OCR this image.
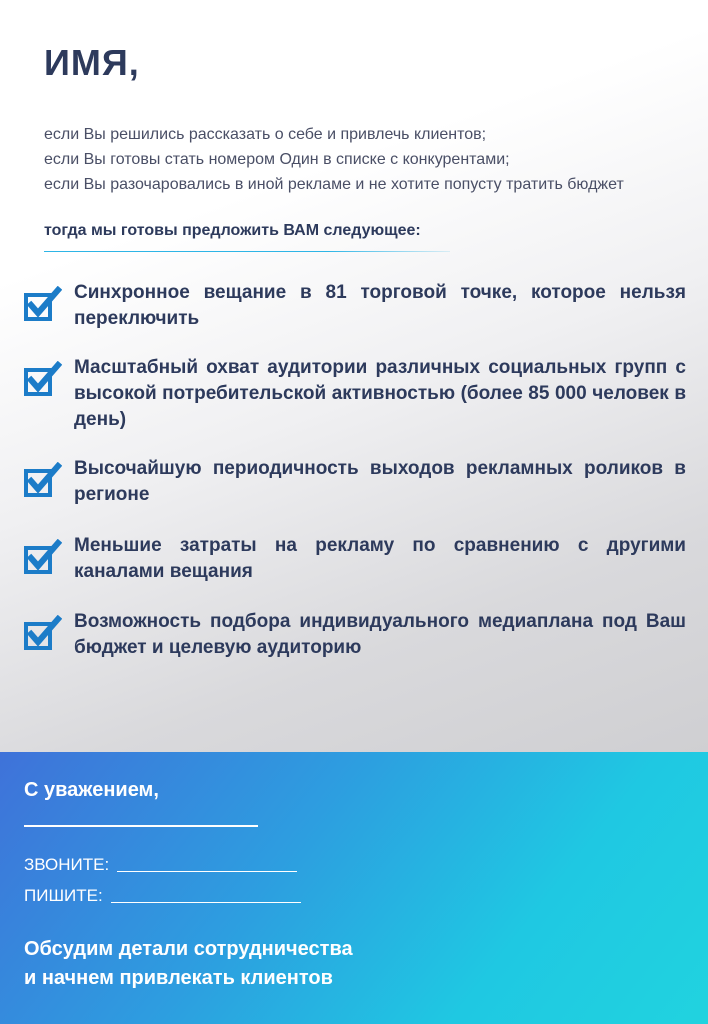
ИМЯ,
если Вы решились рассказать о себе и привлечь клиентов;
если Вы готовы стать номером Один в списке с конкурентами;
если Вы разочаровались в иной рекламе и не хотите попусту тратить бюджет
тогда мы готовы предложить ВАМ следующее:
Синхронное вещание в 81 торговой точке, которое нельзя переключить
Масштабный охват аудитории различных социальных групп с высокой потребительской активностью (более 85 000 человек в день)
Высочайшую периодичность выходов рекламных роликов в регионе
Меньшие затраты на рекламу по сравнению с другими каналами вещания
Возможность подбора индивидуального медиаплана под Ваш бюджет и целевую аудиторию
С уважением,
ЗВОНИТЕ:
ПИШИТЕ:
Обсудим детали сотрудничества
и начнем привлекать клиентов
